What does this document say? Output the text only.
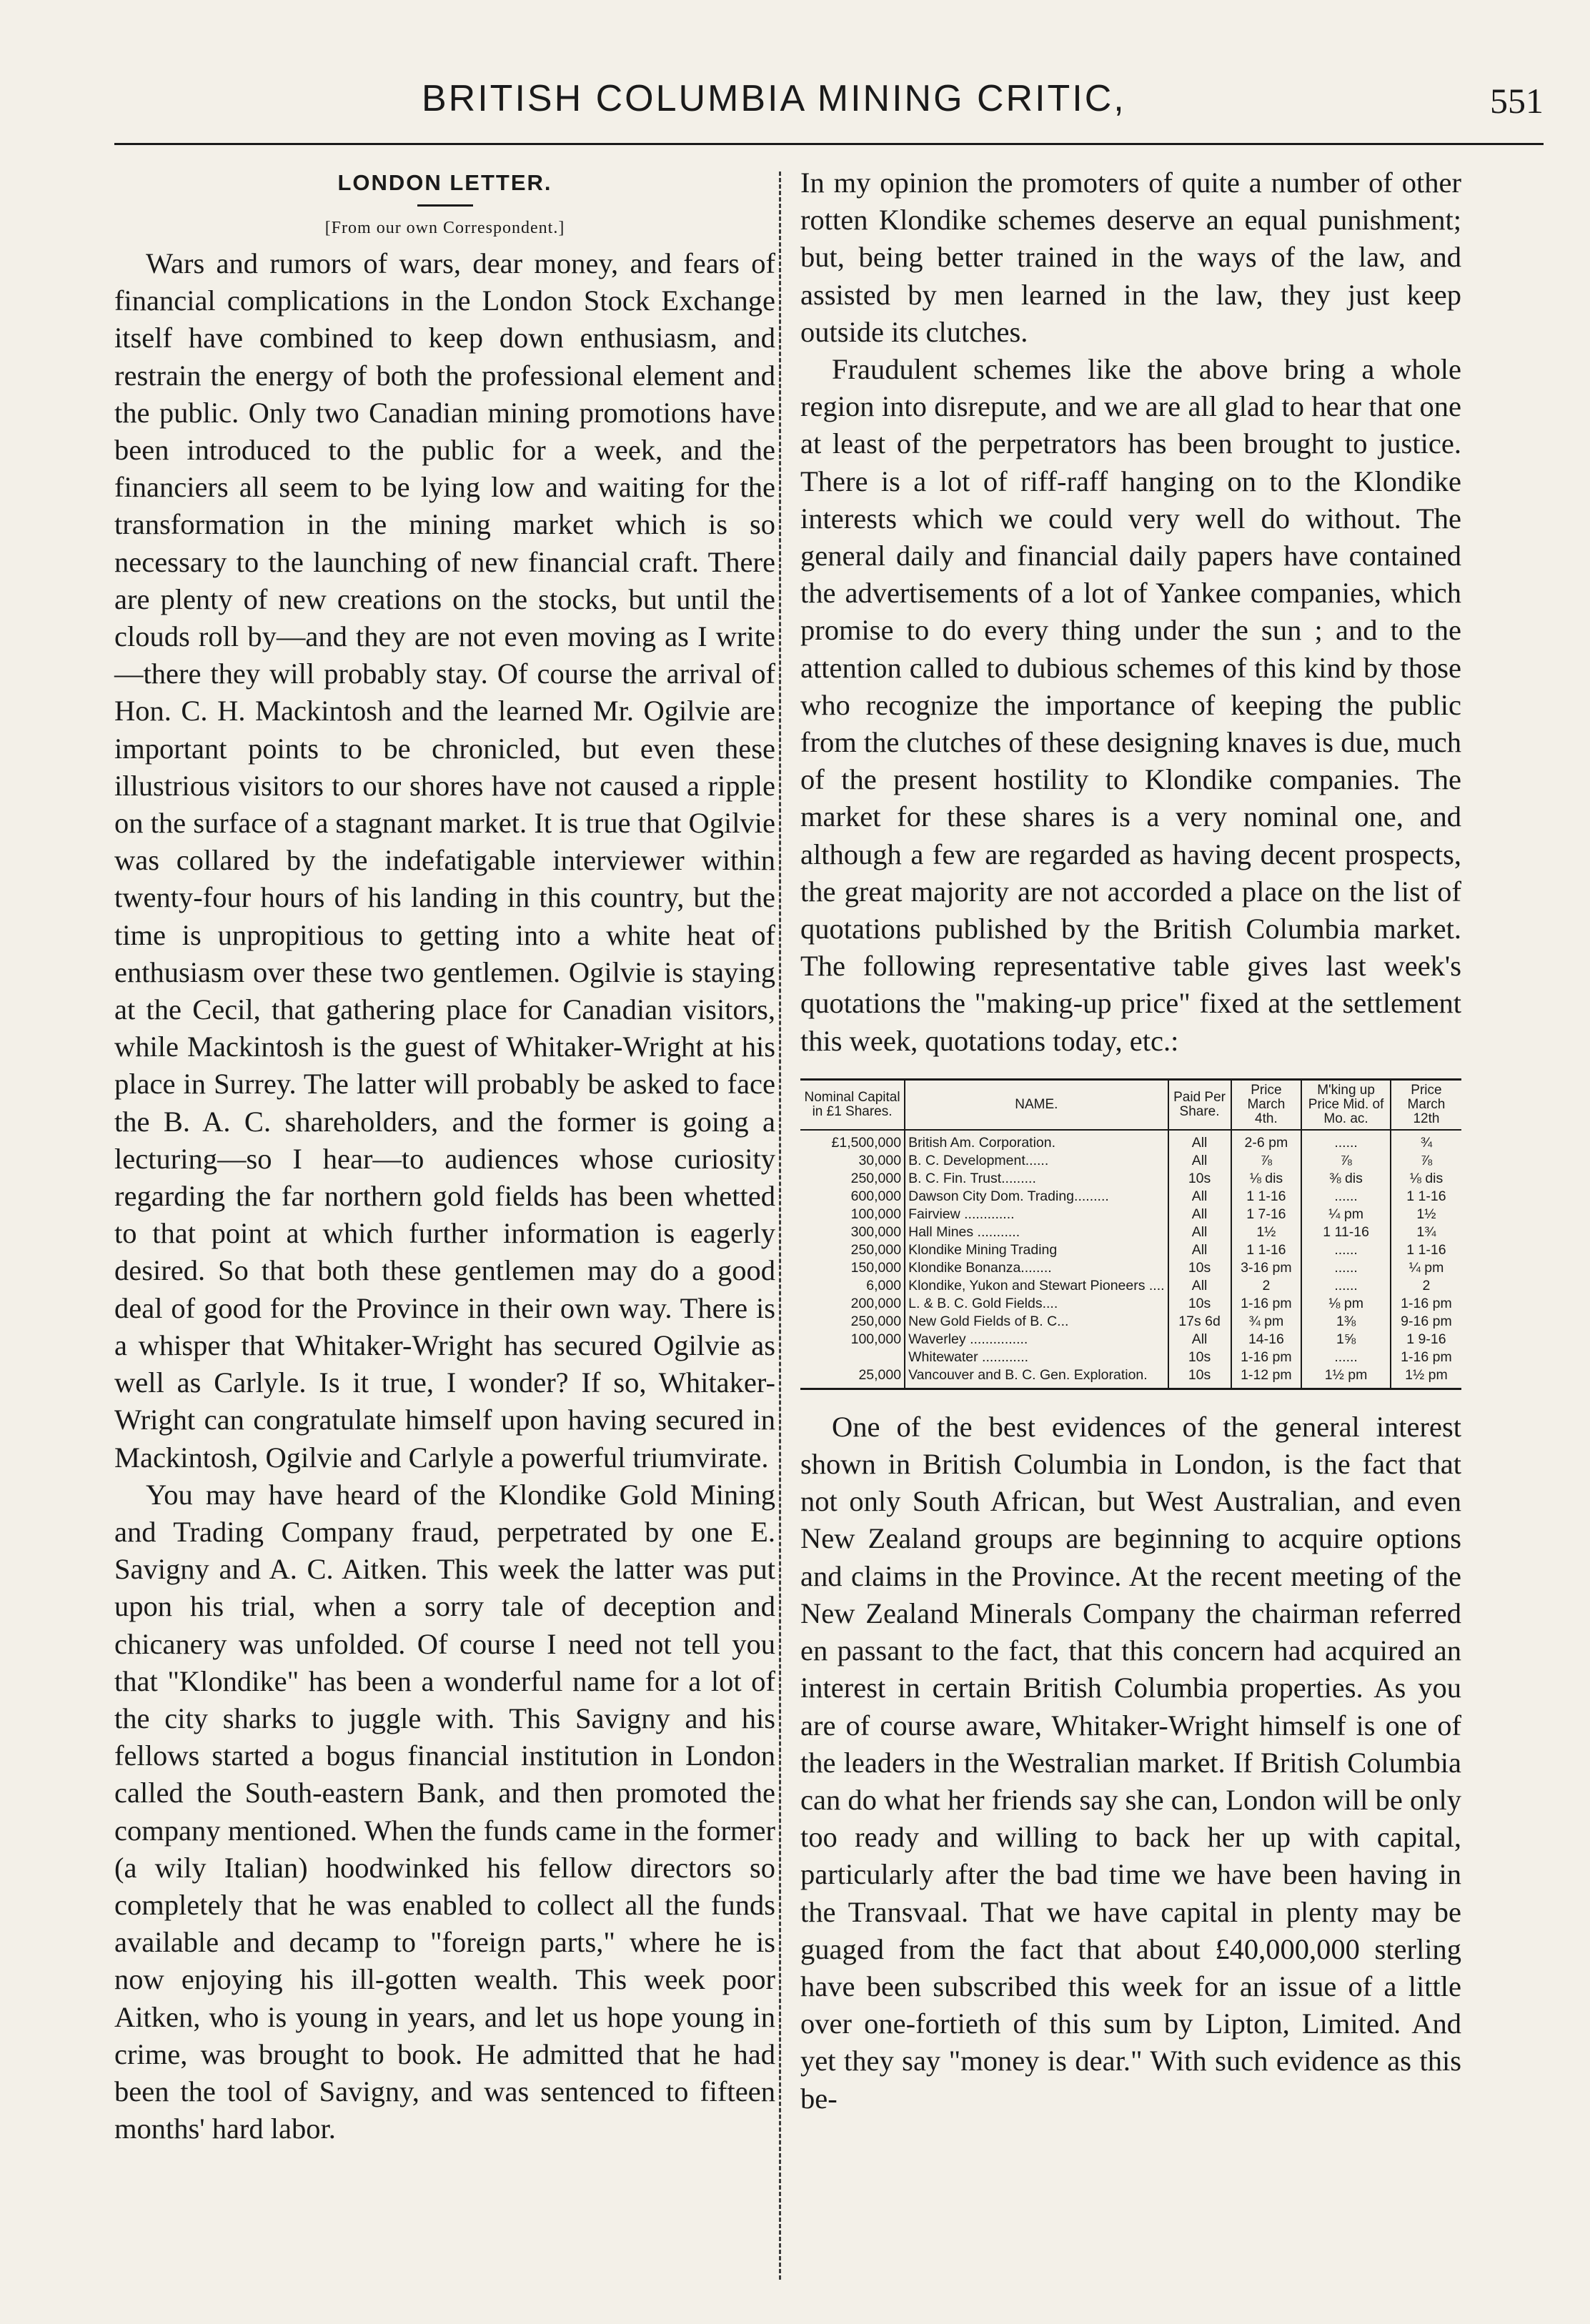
BRITISH COLUMBIA MINING CRITIC,	551
LONDON LETTER.
[From our own Correspondent.]

Wars and rumors of wars, dear money, and fears of financial complications in the London Stock Exchange itself have combined to keep down enthusiasm, and restrain the energy of both the professional element and the public. Only two Canadian mining promotions have been introduced to the public for a week, and the financiers all seem to be lying low and waiting for the transformation in the mining market which is so necessary to the launching of new financial craft. There are plenty of new creations on the stocks, but until the clouds roll by—and they are not even moving as I write—there they will probably stay. Of course the arrival of Hon. C. H. Mackintosh and the learned Mr. Ogilvie are important points to be chronicled, but even these illustrious visitors to our shores have not caused a ripple on the surface of a stagnant market. It is true that Ogilvie was collared by the indefatigable interviewer within twenty-four hours of his landing in this country, but the time is unpropitious to getting into a white heat of enthusiasm over these two gentlemen. Ogilvie is staying at the Cecil, that gathering place for Canadian visitors, while Mackintosh is the guest of Whitaker-Wright at his place in Surrey. The latter will probably be asked to face the B. A. C. shareholders, and the former is going a lecturing—so I hear—to audiences whose curiosity regarding the far northern gold fields has been whetted to that point at which further information is eagerly desired. So that both these gentlemen may do a good deal of good for the Province in their own way. There is a whisper that Whitaker-Wright has secured Ogilvie as well as Carlyle. Is it true, I wonder? If so, Whitaker-Wright can congratulate himself upon having secured in Mackintosh, Ogilvie and Carlyle a powerful triumvirate.

You may have heard of the Klondike Gold Mining and Trading Company fraud, perpetrated by one E. Savigny and A. C. Aitken. This week the latter was put upon his trial, when a sorry tale of deception and chicanery was unfolded. Of course I need not tell you that "Klondike" has been a wonderful name for a lot of the city sharks to juggle with. This Savigny and his fellows started a bogus financial institution in London called the South-eastern Bank, and then promoted the company mentioned. When the funds came in the former (a wily Italian) hoodwinked his fellow directors so completely that he was enabled to collect all the funds available and decamp to "foreign parts," where he is now enjoying his ill-gotten wealth. This week poor Aitken, who is young in years, and let us hope young in crime, was brought to book. He admitted that he had been the tool of Savigny, and was sentenced to fifteen months' hard labor.

In my opinion the promoters of quite a number of other rotten Klondike schemes deserve an equal punishment; but, being better trained in the ways of the law, and assisted by men learned in the law, they just keep outside its clutches.

Fraudulent schemes like the above bring a whole region into disrepute, and we are all glad to hear that one at least of the perpetrators has been brought to justice. There is a lot of riff-raff hanging on to the Klondike interests which we could very well do without. The general daily and financial daily papers have contained the advertisements of a lot of Yankee companies, which promise to do every thing under the sun ; and to the attention called to dubious schemes of this kind by those who recognize the importance of keeping the public from the clutches of these designing knaves is due, much of the present hostility to Klondike companies. The market for these shares is a very nominal one, and although a few are regarded as having decent prospects, the great majority are not accorded a place on the list of quotations published by the British Columbia market. The following representative table gives last week's quotations the "making-up price" fixed at the settlement this week, quotations today, etc.:

Nominal Capital in £1 Shares.	NAME.	Paid Per Share.	Price March 4th.	M'king up Price Mid. of Mo. ac.	Price March 12th
£1,500,000	British Am. Corporation.	All	2-6 pm	......	¾
30,000	B. C. Development......	All	⅞	⅞	⅞
250,000	B. C. Fin. Trust.........	10s	⅛ dis	⅜ dis	⅛ dis
600,000	Dawson City Dom. Trading.........	All	1 1-16	......	1 1-16
100,000	Fairview .............	All	1 7-16	¼ pm	1½
300,000	Hall Mines ...........	All	1½	1 11-16	1¾
250,000	Klondike Mining Trading	All	1 1-16	......	1 1-16
150,000	Klondike Bonanza........	10s	3-16 pm	......	¼ pm
6,000	Klondike, Yukon and Stewart Pioneers ....	All	2	......	2
200,000	L. & B. C. Gold Fields....	10s	1-16 pm	⅛ pm	1-16 pm
250,000	New Gold Fields of B. C...	17s 6d	¾ pm	1⅜	9-16 pm
100,000	Waverley ...............	All	14-16	1⅝	1 9-16
	Whitewater ............	10s	1-16 pm	......	1-16 pm
25,000	Vancouver and B. C. Gen. Exploration.	10s	1-12 pm	1½ pm	1½ pm

One of the best evidences of the general interest shown in British Columbia in London, is the fact that not only South African, but West Australian, and even New Zealand groups are beginning to acquire options and claims in the Province. At the recent meeting of the New Zealand Minerals Company the chairman referred en passant to the fact, that this concern had acquired an interest in certain British Columbia properties. As you are of course aware, Whitaker-Wright himself is one of the leaders in the Westralian market. If British Columbia can do what her friends say she can, London will be only too ready and willing to back her up with capital, particularly after the bad time we have been having in the Transvaal. That we have capital in plenty may be guaged from the fact that about £40,000,000 sterling have been subscribed this week for an issue of a little over one-fortieth of this sum by Lipton, Limited. And yet they say "money is dear." With such evidence as this be-
